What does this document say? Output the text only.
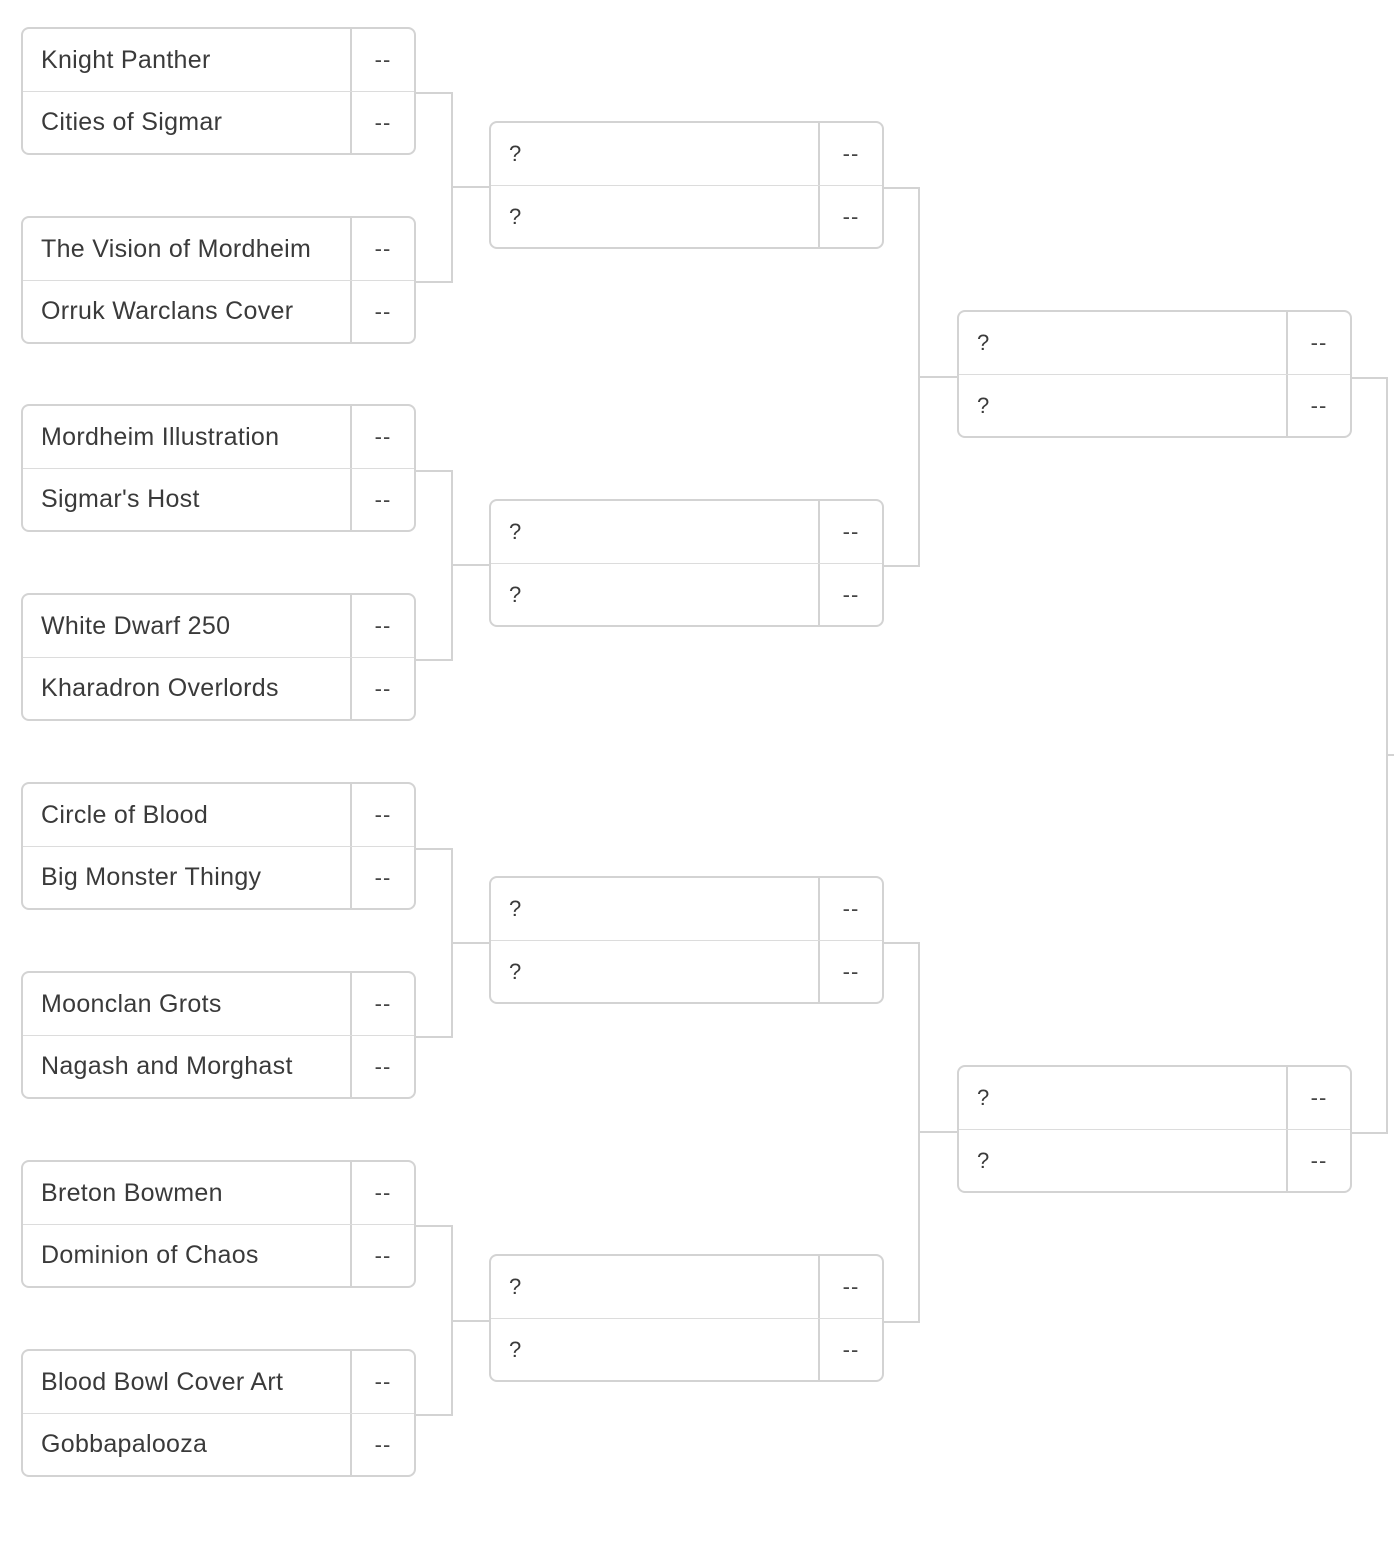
Knight Panther	--
Cities of Sigmar	--
The Vision of Mordheim	--
Orruk Warclans Cover	--
Mordheim Illustration	--
Sigmar's Host	--
White Dwarf 250	--
Kharadron Overlords	--
Circle of Blood	--
Big Monster Thingy	--
Moonclan Grots	--
Nagash and Morghast	--
Breton Bowmen	--
Dominion of Chaos	--
Blood Bowl Cover Art	--
Gobbapalooza	--
?	--
?	--
?	--
?	--
?	--
?	--
?	--
?	--
?	--
?	--
?	--
?	--
